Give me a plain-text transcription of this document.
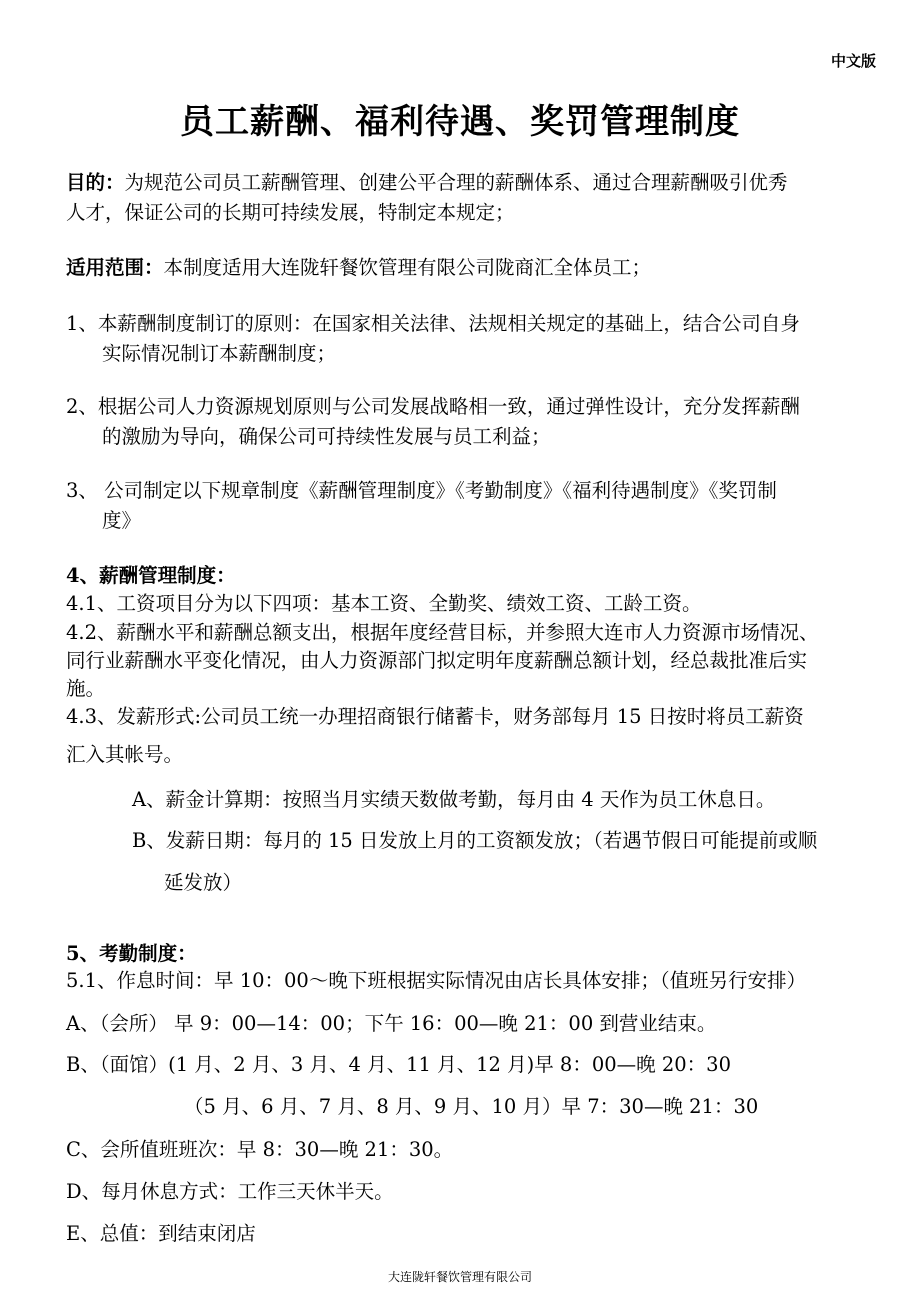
中文版
员工薪酬、福利待遇、奖罚管理制度
目的：为规范公司员工薪酬管理、创建公平合理的薪酬体系、通过合理薪酬吸引优秀
人才，保证公司的长期可持续发展，特制定本规定；
适用范围：本制度适用大连陇轩餐饮管理有限公司陇商汇全体员工；
1、本薪酬制度制订的原则：在国家相关法律、法规相关规定的基础上，结合公司自身
实际情况制订本薪酬制度；
2、根据公司人力资源规划原则与公司发展战略相一致，通过弹性设计，充分发挥薪酬
的激励为导向，确保公司可持续性发展与员工利益；
3、 公司制定以下规章制度《薪酬管理制度》《考勤制度》《福利待遇制度》《奖罚制
度》
4、薪酬管理制度：
4.1、工资项目分为以下四项：基本工资、全勤奖、绩效工资、工龄工资。
4.2、薪酬水平和薪酬总额支出，根据年度经营目标，并参照大连市人力资源市场情况、
同行业薪酬水平变化情况，由人力资源部门拟定明年度薪酬总额计划，经总裁批准后实
施。
4.3、发薪形式:公司员工统一办理招商银行储蓄卡，财务部每月 15 日按时将员工薪资
汇入其帐号。
A、薪金计算期：按照当月实绩天数做考勤，每月由 4 天作为员工休息日。
B、发薪日期：每月的 15 日发放上月的工资额发放；（若遇节假日可能提前或顺
延发放）
5、考勤制度：
5.1、作息时间：早 10：00～晚下班根据实际情况由店长具体安排；（值班另行安排）
A、（会所） 早 9：00—14：00；下午 16：00—晚 21：00 到营业结束。
B、（面馆）(1 月、2 月、3 月、4 月、11 月、12 月)早 8：00—晚 20：30
（5 月、6 月、7 月、8 月、9 月、10 月）早 7：30—晚 21：30
C、会所值班班次：早 8：30—晚 21：30。
D、每月休息方式：工作三天休半天。
E、总值：到结束闭店
大连陇轩餐饮管理有限公司
